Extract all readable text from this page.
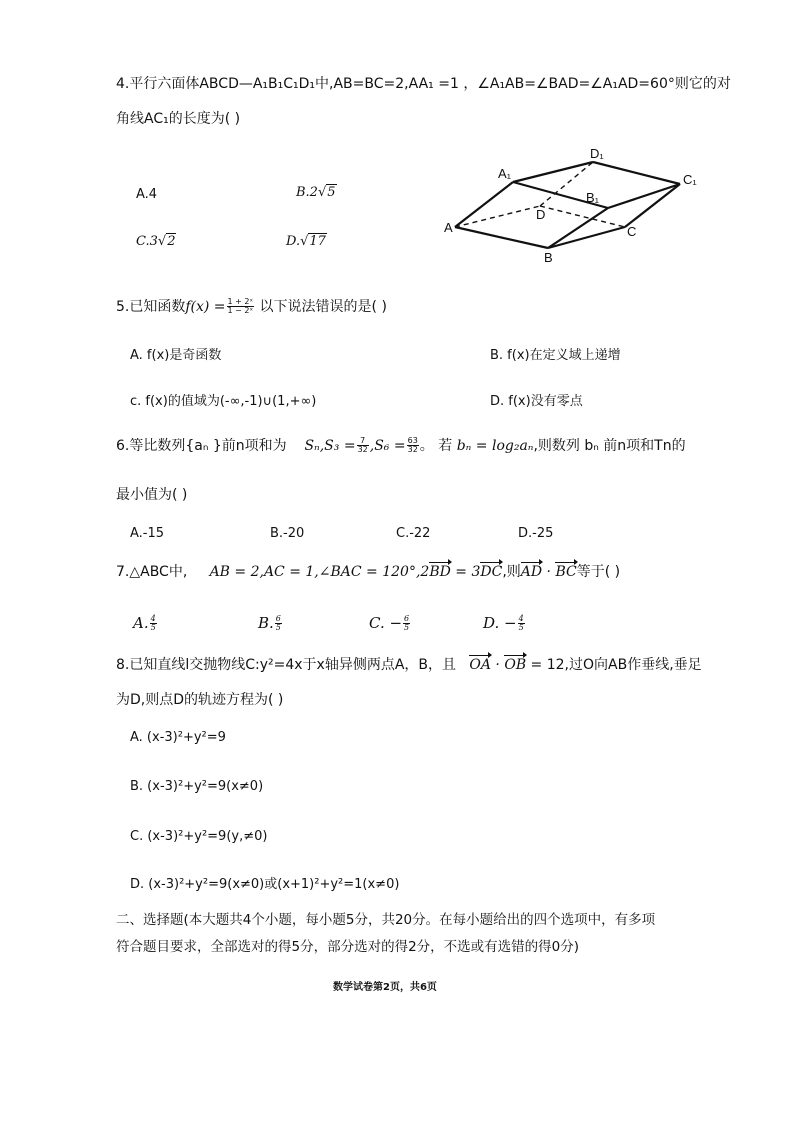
4.平行六面体ABCD—A₁B₁C₁D₁中,AB=BC=2,AA₁ =1 ，∠A₁AB=∠BAD=∠A₁AD=60°则它的对
角线AC₁的长度为( )
A.4	B.2√5
C.3√2	D.√17
A₁
D₁
C₁
B₁
A
B
C
D
5.已知函数$f(x) = \frac{\text{1 + 2ˣ}}{\text{1 − 2ˣ}}$ 以下说法错误的是( )
A. f(x)是奇函数	B. f(x)在定义域上递增
c. f(x)的值域为(-∞,-1)∪(1,+∞)	D. f(x)没有零点
6.等比数列{aₙ }前n项和为 $S_n,S_3 = \frac{7}{32} ,S_6 = \frac{63}{32}$ 。 若 bₙ = log₂aₙ,则数列 bₙ 前n项和Tn的
最小值为( )
A.-15	B.-20	C.-22	D.-25
7.△ABC中, AB = 2,AC = 1,∠BAC = 120°,2BD = 3DC,则AD · BC等于( )
A. $\frac{4}{5}$	B. $\frac{6}{5}$	C. − $\frac{6}{5}$	D. − $\frac{4}{5}$
8.已知直线l交抛物线C:y²=4x于x轴异侧两点A，B，且 OA · OB = 12,过O向AB作垂线,垂足
为D,则点D的轨迹方程为( )
A. (x-3)²+y²=9
B. (x-3)²+y²=9(x≠0)
C. (x-3)²+y²=9(y,≠0)
D. (x-3)²+y²=9(x≠0)或(x+1)²+y²=1(x≠0)
二、选择题(本大题共4个小题，每小题5分，共20分。在每小题给出的四个选项中，有多项
符合题目要求，全部选对的得5分，部分选对的得2分，不选或有选错的得0分)
数学试卷第2页，共6页
